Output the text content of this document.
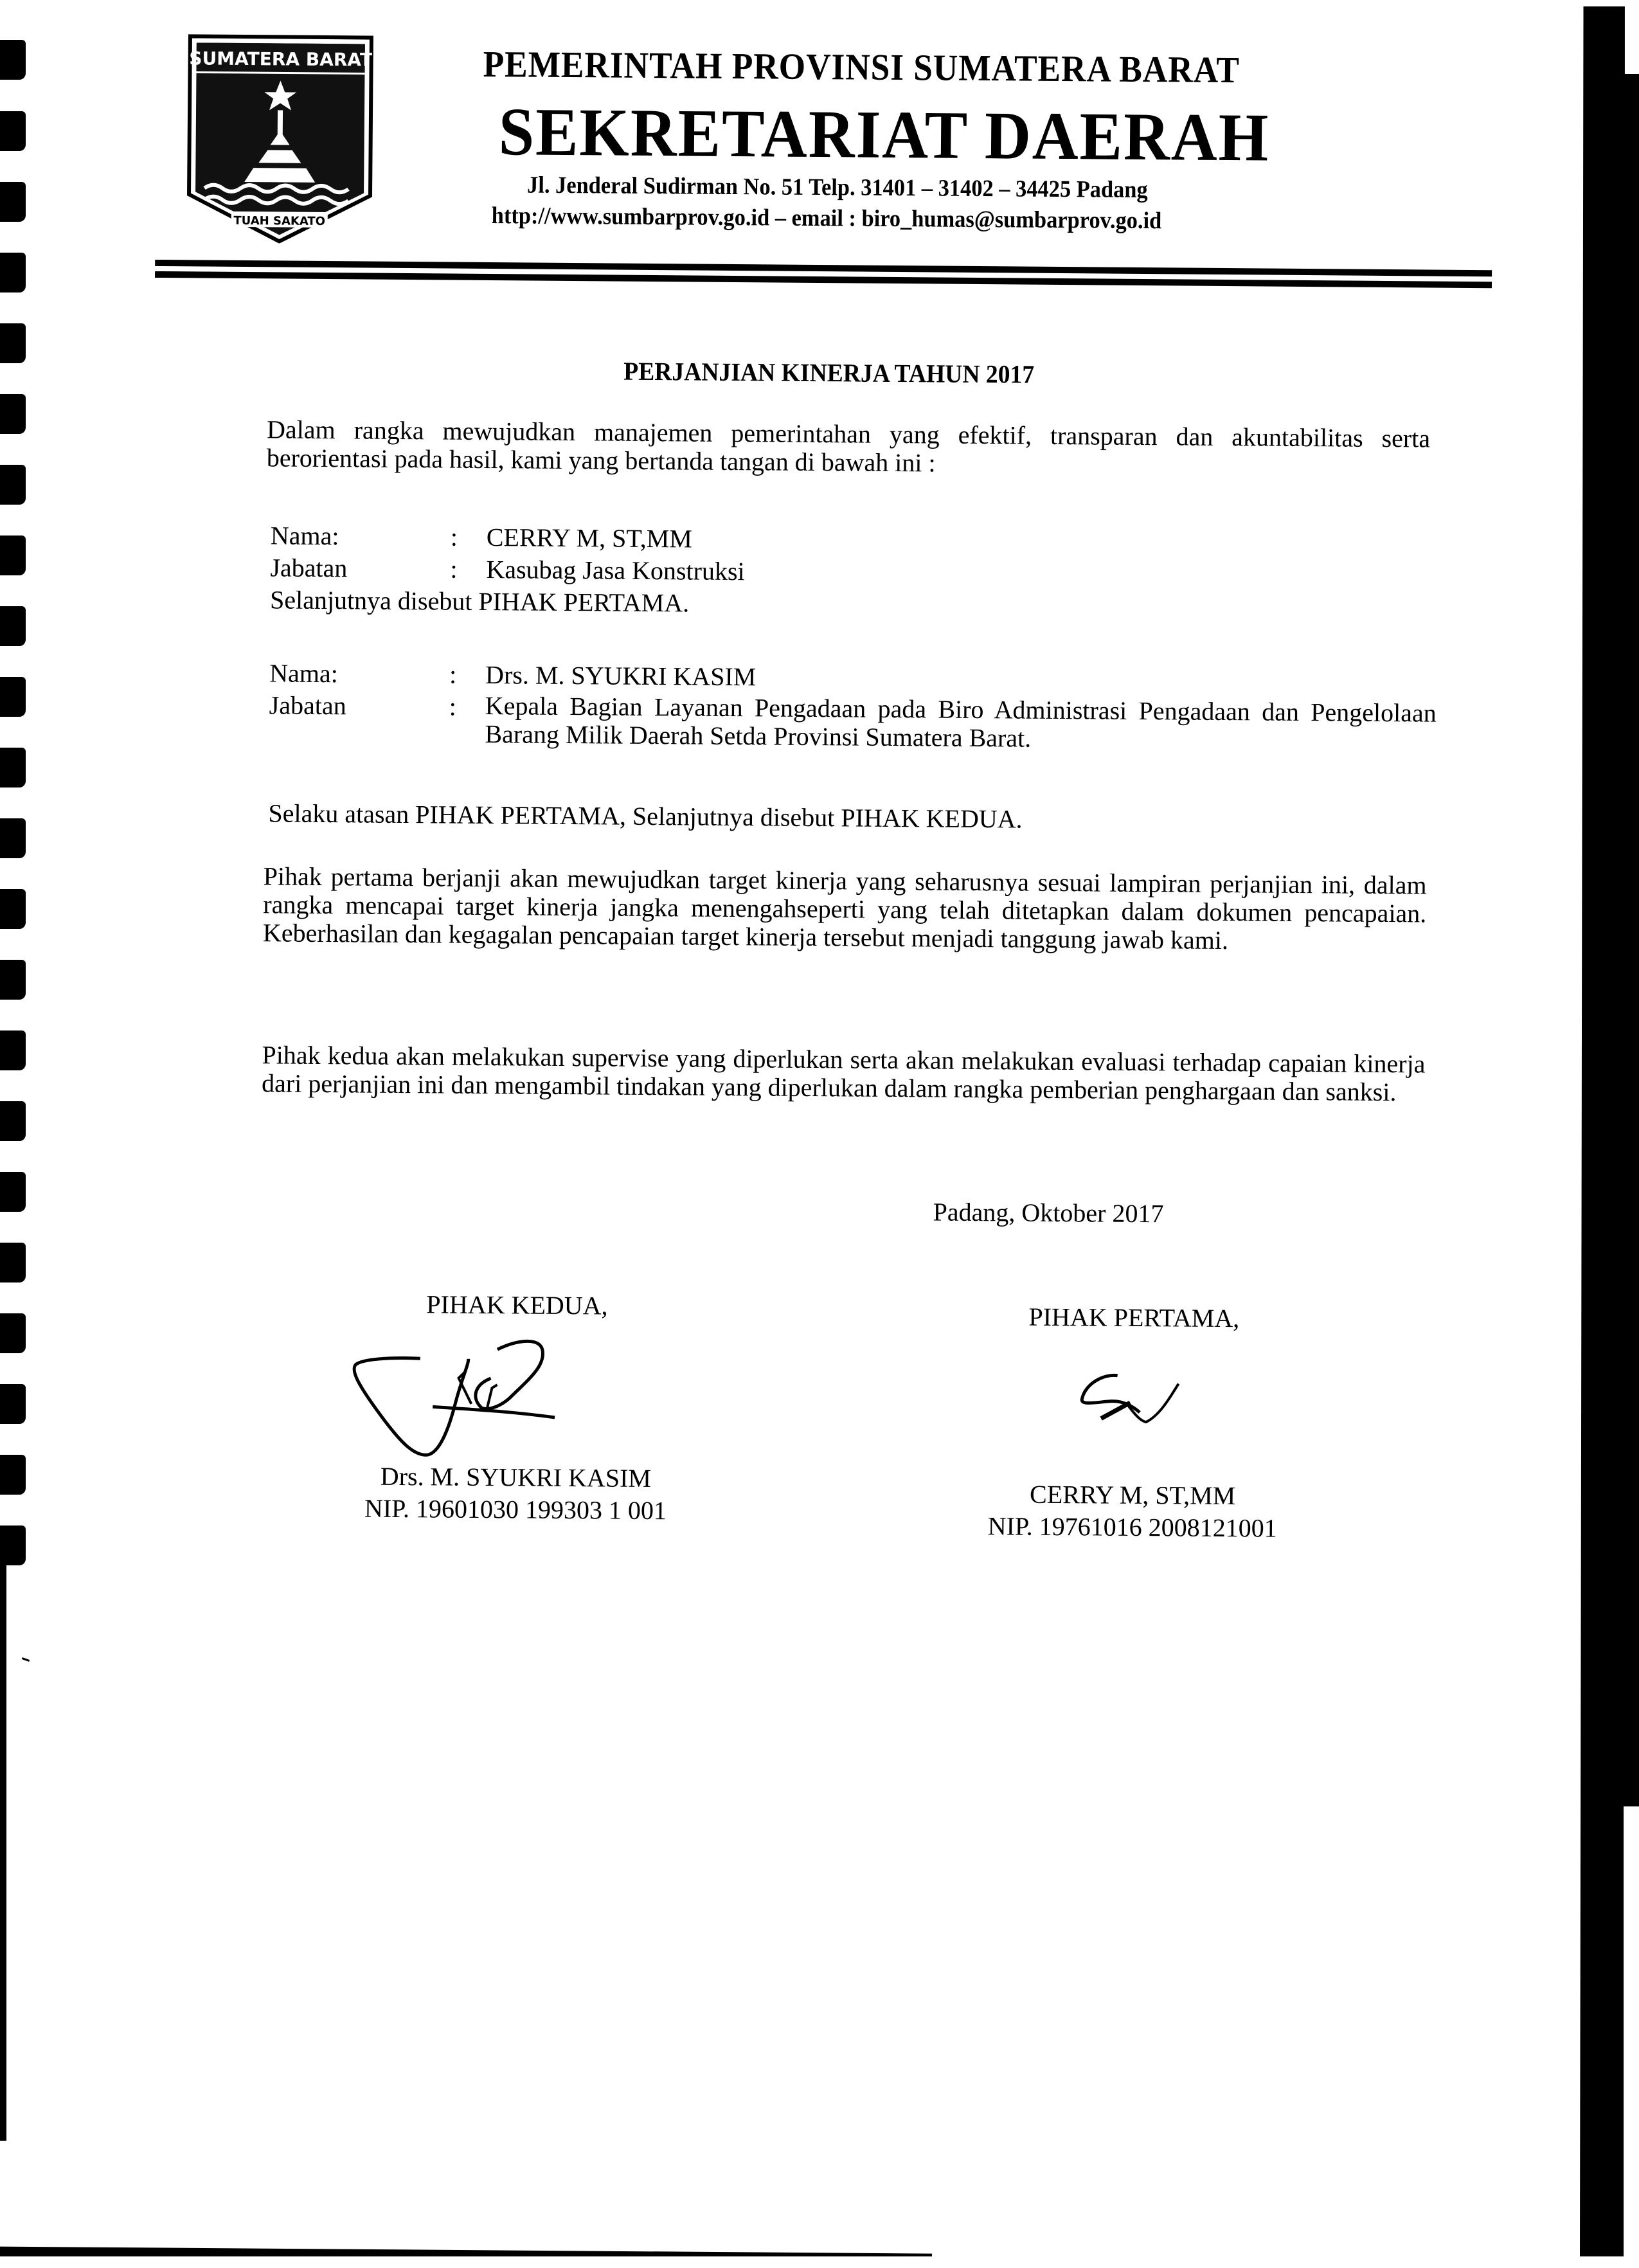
SUMATERA BARAT
TUAH SAKATO
PEMERINTAH PROVINSI SUMATERA BARAT
SEKRETARIAT DAERAH
Jl. Jenderal Sudirman No. 51 Telp. 31401 – 31402 – 34425 Padang
http://www.sumbarprov.go.id – email : biro_humas@sumbarprov.go.id
PERJANJIAN KINERJA TAHUN 2017
Dalam rangka mewujudkan manajemen pemerintahan yang efektif, transparan dan akuntabilitas serta berorientasi pada hasil, kami yang bertanda tangan di bawah ini :
Nama:	: CERRY M, ST,MM
Jabatan	: Kasubag Jasa Konstruksi
Selanjutnya disebut PIHAK PERTAMA.
Nama:	: Drs. M. SYUKRI KASIM
Jabatan	: Kepala Bagian Layanan Pengadaan pada Biro Administrasi Pengadaan dan Pengelolaan Barang Milik Daerah Setda Provinsi Sumatera Barat.
Selaku atasan PIHAK PERTAMA, Selanjutnya disebut PIHAK KEDUA.
Pihak pertama berjanji akan mewujudkan target kinerja yang seharusnya sesuai lampiran perjanjian ini, dalam rangka mencapai target kinerja jangka menengahseperti yang telah ditetapkan dalam dokumen pencapaian. Keberhasilan dan kegagalan pencapaian target kinerja tersebut menjadi tanggung jawab kami.
Pihak kedua akan melakukan supervise yang diperlukan serta akan melakukan evaluasi terhadap capaian kinerja dari perjanjian ini dan mengambil tindakan yang diperlukan dalam rangka pemberian penghargaan dan sanksi.
Padang, Oktober 2017
PIHAK KEDUA,
Drs. M. SYUKRI KASIM
NIP. 19601030 199303 1 001
PIHAK PERTAMA,
CERRY M, ST,MM
NIP. 19761016 2008121001
